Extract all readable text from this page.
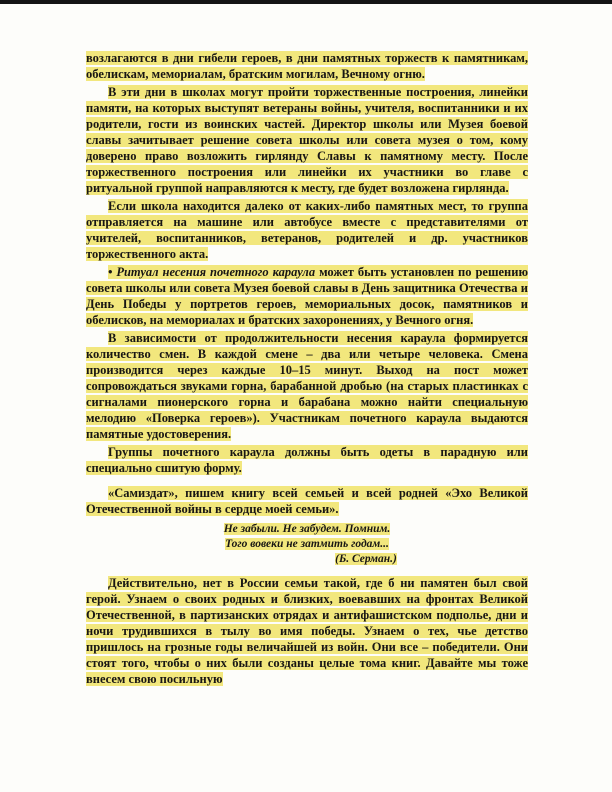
возлагаются в дни гибели героев, в дни памятных торжеств к памятникам, обелискам, мемориалам, братским могилам, Вечному огню.

В эти дни в школах могут пройти торжественные построения, линейки памяти, на которых выступят ветераны войны, учителя, воспитанники и их родители, гости из воинских частей. Директор школы или Музея боевой славы зачитывает решение совета школы или совета музея о том, кому доверено право возложить гирлянду Славы к памятному месту. После торжественного построения или линейки их участники во главе с ритуальной группой направляются к месту, где будет возложена гирлянда.

Если школа находится далеко от каких-либо памятных мест, то группа отправляется на машине или автобусе вместе с представителями от учителей, воспитанников, ветеранов, родителей и др. участников торжественного акта.

• Ритуал несения почетного караула может быть установлен по решению совета школы или совета Музея боевой славы в День защитника Отечества и День Победы у портретов героев, мемориальных досок, памятников и обелисков, на мемориалах и братских захоронениях, у Вечного огня.

В зависимости от продолжительности несения караула формируется количество смен. В каждой смене – два или четыре человека. Смена производится через каждые 10–15 минут. Выход на пост может сопровождаться звуками горна, барабанной дробью (на старых пластинках с сигналами пионерского горна и барабана можно найти специальную мелодию «Поверка героев»). Участникам почетного караула выдаются памятные удостоверения.

Группы почетного караула должны быть одеты в парадную или специально сшитую форму.

«Самиздат», пишем книгу всей семьей и всей родней «Эхо Великой Отечественной войны в сердце моей семьи».

Не забыли. Не забудем. Помним.
Того вовеки не затмить годам...
(Б. Серман.)

Действительно, нет в России семьи такой, где б ни памятен был свой герой. Узнаем о своих родных и близких, воевавших на фронтах Великой Отечественной, в партизанских отрядах и антифашистском подполье, дни и ночи трудившихся в тылу во имя победы. Узнаем о тех, чье детство пришлось на грозные годы величайшей из войн. Они все – победители. Они стоят того, чтобы о них были созданы целые тома книг. Давайте мы тоже внесем свою посильную
